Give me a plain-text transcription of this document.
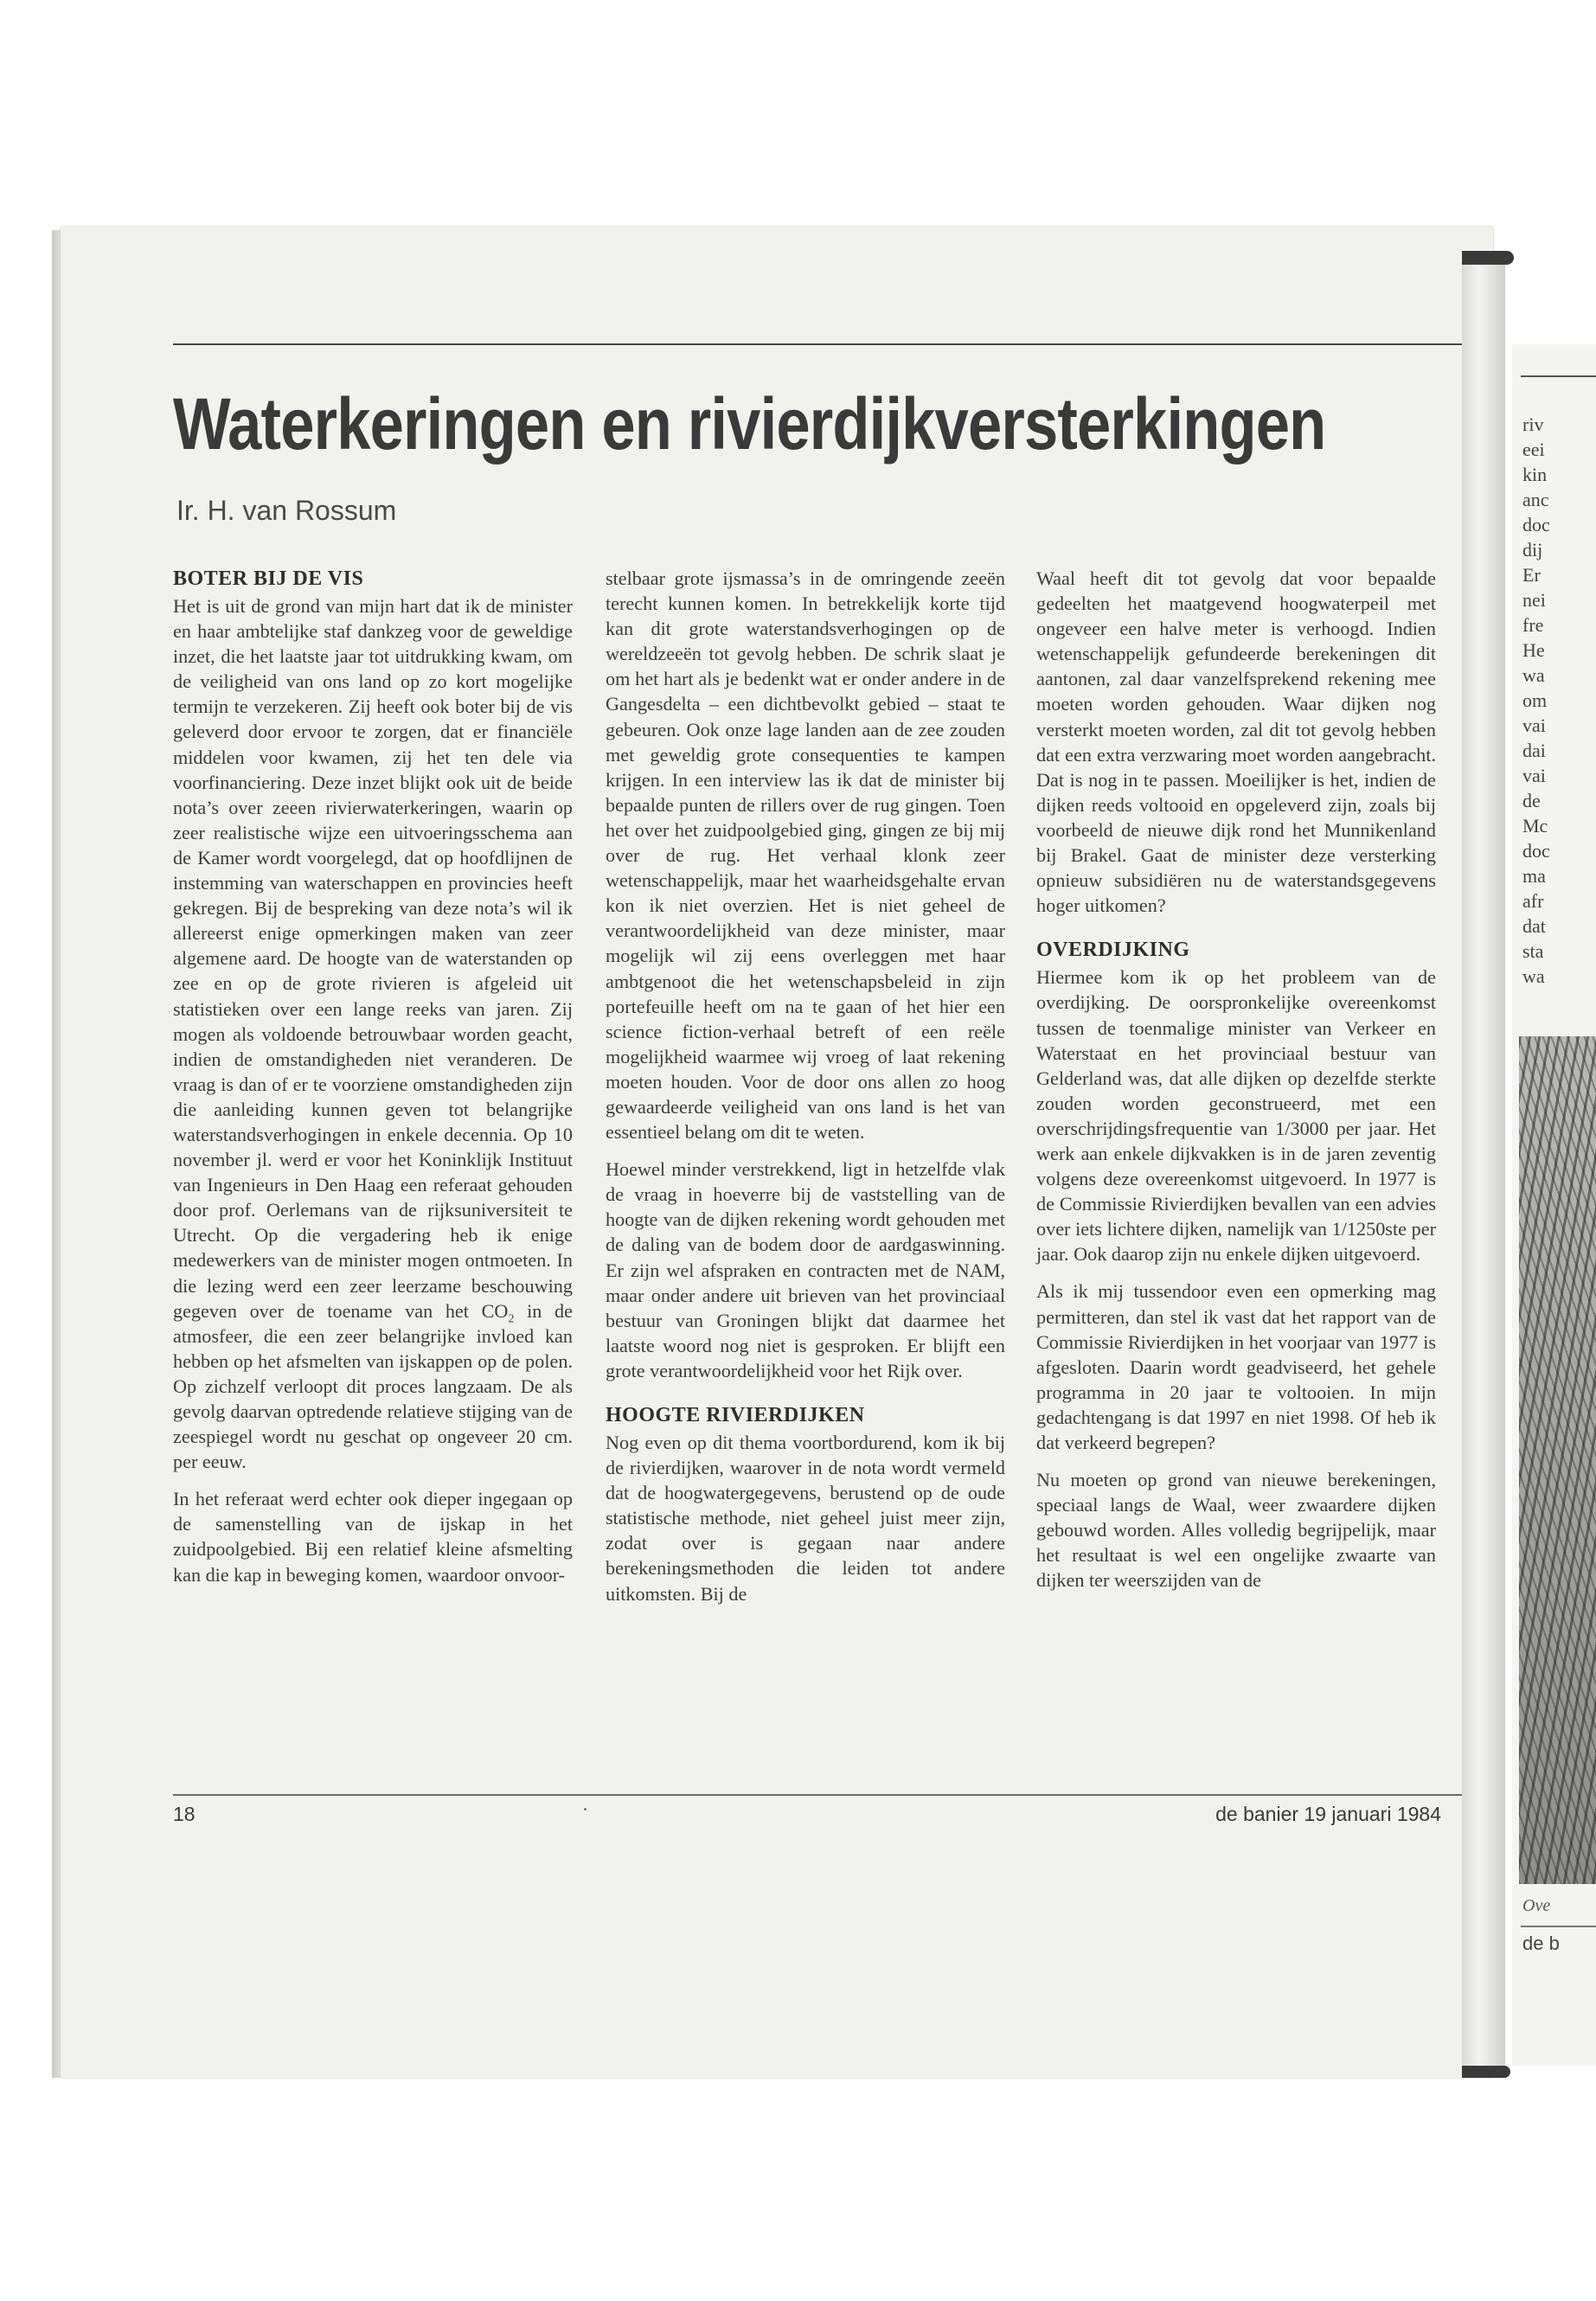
Waterkeringen en rivierdijkversterkingen
Ir. H. van Rossum
BOTER BIJ DE VIS

Het is uit de grond van mijn hart dat ik de minister en haar ambtelijke staf dankzeg voor de geweldige inzet, die het laatste jaar tot uitdrukking kwam, om de veiligheid van ons land op zo kort mogelijke termijn te verzekeren. Zij heeft ook boter bij de vis geleverd door ervoor te zorgen, dat er financiële middelen voor kwamen, zij het ten dele via voorfinanciering. Deze inzet blijkt ook uit de beide nota’s over zeeen rivierwaterkeringen, waarin op zeer realistische wijze een uitvoeringsschema aan de Kamer wordt voorgelegd, dat op hoofdlijnen de instemming van waterschappen en provincies heeft gekregen. Bij de bespreking van deze nota’s wil ik allereerst enige opmerkingen maken van zeer algemene aard. De hoogte van de waterstanden op zee en op de grote rivieren is afgeleid uit statistieken over een lange reeks van jaren. Zij mogen als voldoende betrouwbaar worden geacht, indien de omstandigheden niet veranderen. De vraag is dan of er te voorziene omstandigheden zijn die aanleiding kunnen geven tot belangrijke waterstandsverhogingen in enkele decennia. Op 10 november jl. werd er voor het Koninklijk Instituut van Ingenieurs in Den Haag een referaat gehouden door prof. Oerlemans van de rijksuniversiteit te Utrecht. Op die vergadering heb ik enige medewerkers van de minister mogen ontmoeten. In die lezing werd een zeer leerzame beschouwing gegeven over de toename van het $CO_2$ in de atmosfeer, die een zeer belangrijke invloed kan hebben op het afsmelten van ijskappen op de polen. Op zichzelf verloopt dit proces langzaam. De als gevolg daarvan optredende relatieve stijging van de zeespiegel wordt nu geschat op ongeveer 20 cm. per eeuw.

In het referaat werd echter ook dieper ingegaan op de samenstelling van de ijskap in het zuidpoolgebied. Bij een relatief kleine afsmelting kan die kap in beweging komen, waardoor onvoor-

stelbaar grote ijsmassa’s in de omringende zeeën terecht kunnen komen. In betrekkelijk korte tijd kan dit grote waterstandsverhogingen op de wereldzeeën tot gevolg hebben. De schrik slaat je om het hart als je bedenkt wat er onder andere in de Gangesdelta – een dichtbevolkt gebied – staat te gebeuren. Ook onze lage landen aan de zee zouden met geweldig grote consequenties te kampen krijgen. In een interview las ik dat de minister bij bepaalde punten de rillers over de rug gingen. Toen het over het zuidpoolgebied ging, gingen ze bij mij over de rug. Het verhaal klonk zeer wetenschappelijk, maar het waarheidsgehalte ervan kon ik niet overzien. Het is niet geheel de verantwoordelijkheid van deze minister, maar mogelijk wil zij eens overleggen met haar ambtgenoot die het wetenschapsbeleid in zijn portefeuille heeft om na te gaan of het hier een science fiction-verhaal betreft of een reële mogelijkheid waarmee wij vroeg of laat rekening moeten houden. Voor de door ons allen zo hoog gewaardeerde veiligheid van ons land is het van essentieel belang om dit te weten.

Hoewel minder verstrekkend, ligt in hetzelfde vlak de vraag in hoeverre bij de vaststelling van de hoogte van de dijken rekening wordt gehouden met de daling van de bodem door de aardgaswinning. Er zijn wel afspraken en contracten met de NAM, maar onder andere uit brieven van het provinciaal bestuur van Groningen blijkt dat daarmee het laatste woord nog niet is gesproken. Er blijft een grote verantwoordelijkheid voor het Rijk over.

HOOGTE RIVIERDIJKEN

Nog even op dit thema voortbordurend, kom ik bij de rivierdijken, waarover in de nota wordt vermeld dat de hoogwatergegevens, berustend op de oude statistische methode, niet geheel juist meer zijn, zodat over is gegaan naar andere berekeningsmethoden die leiden tot andere uitkomsten. Bij de

Waal heeft dit tot gevolg dat voor bepaalde gedeelten het maatgevend hoogwaterpeil met ongeveer een halve meter is verhoogd. Indien wetenschappelijk gefundeerde berekeningen dit aantonen, zal daar vanzelfsprekend rekening mee moeten worden gehouden. Waar dijken nog versterkt moeten worden, zal dit tot gevolg hebben dat een extra verzwaring moet worden aangebracht. Dat is nog in te passen. Moeilijker is het, indien de dijken reeds voltooid en opgeleverd zijn, zoals bij voorbeeld de nieuwe dijk rond het Munnikenland bij Brakel. Gaat de minister deze versterking opnieuw subsidiëren nu de waterstandsgegevens hoger uitkomen?

OVERDIJKING

Hiermee kom ik op het probleem van de overdijking. De oorspronkelijke overeenkomst tussen de toenmalige minister van Verkeer en Waterstaat en het provinciaal bestuur van Gelderland was, dat alle dijken op dezelfde sterkte zouden worden geconstrueerd, met een overschrijdingsfrequentie van 1/3000 per jaar. Het werk aan enkele dijkvakken is in de jaren zeventig volgens deze overeenkomst uitgevoerd. In 1977 is de Commissie Rivierdijken bevallen van een advies over iets lichtere dijken, namelijk van 1/1250ste per jaar. Ook daarop zijn nu enkele dijken uitgevoerd.

Als ik mij tussendoor even een opmerking mag permitteren, dan stel ik vast dat het rapport van de Commissie Rivierdijken in het voorjaar van 1977 is afgesloten. Daarin wordt geadviseerd, het gehele programma in 20 jaar te voltooien. In mijn gedachtengang is dat 1997 en niet 1998. Of heb ik dat verkeerd begrepen?

Nu moeten op grond van nieuwe berekeningen, speciaal langs de Waal, weer zwaardere dijken gebouwd worden. Alles volledig begrijpelijk, maar het resultaat is wel een ongelijke zwaarte van dijken ter weerszijden van de

18	de banier 19 januari 1984
riv
eei
kin
anc
doc
dij
Er
nei
fre
He
wa
om
vai
dai
vai
de
Mc
doc
ma
afr
dat
sta
wa
Ove
de b
